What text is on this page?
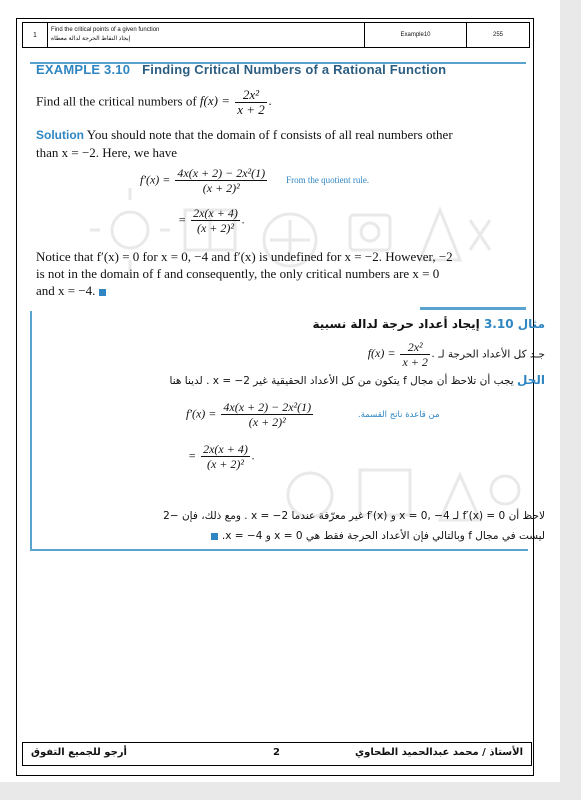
1	
Find the critical points of a given function
إيجاد النقاط الحرجة لدالة معطاة
	Example10	255
EXAMPLE 3.10 Finding Critical Numbers of a Rational Function
Find all the critical numbers of $f(x) = \frac{\text{2x²}}{x + 2}$ .
Solution You should note that the domain of f consists of all real numbers other
than x = −2. Here, we have
$f'(x) = \frac{\text{4x(x + 2) − 2x²(1)}}{\text{(x + 2)²}}$ From the quotient rule.
= $\frac{2x(x + 4)}{\text{(x + 2)²}}$ .
Notice that f′(x) = 0 for x = 0, −4 and f′(x) is undefined for x = −2. However, −2
is not in the domain of f and consequently, the only critical numbers are x = 0
and x = −4.
مثال 3.10 إيجاد أعداد حرجة لدالة نسبية
جـد كل الأعداد الحرجة لـ $f(x) = \frac{\text{2x²}}{x + 2}$ .
الحل يجب أن تلاحظ أن مجال f يتكون من كل الأعداد الحقيقية غير x = −2 . لدينا هنا
$f'(x) = \frac{\text{4x(x + 2) − 2x²(1)}}{\text{(x + 2)²}}$	من قاعدة ناتج القسمة.
= $\frac{2x(x + 4)}{\text{(x + 2)²}}$ .
لاحظ أن f′(x) = 0 لـ x = 0, −4 و f′(x) غير معرّفة عندما x = −2 . ومع ذلك، فإن −2
ليست في مجال f وبالتالي فإن الأعداد الحرجة فقط هي x = 0 و x = −4.
أرجو للجميع التفوق	2	الأستاذ / محمد عبدالحميد الطحاوي
